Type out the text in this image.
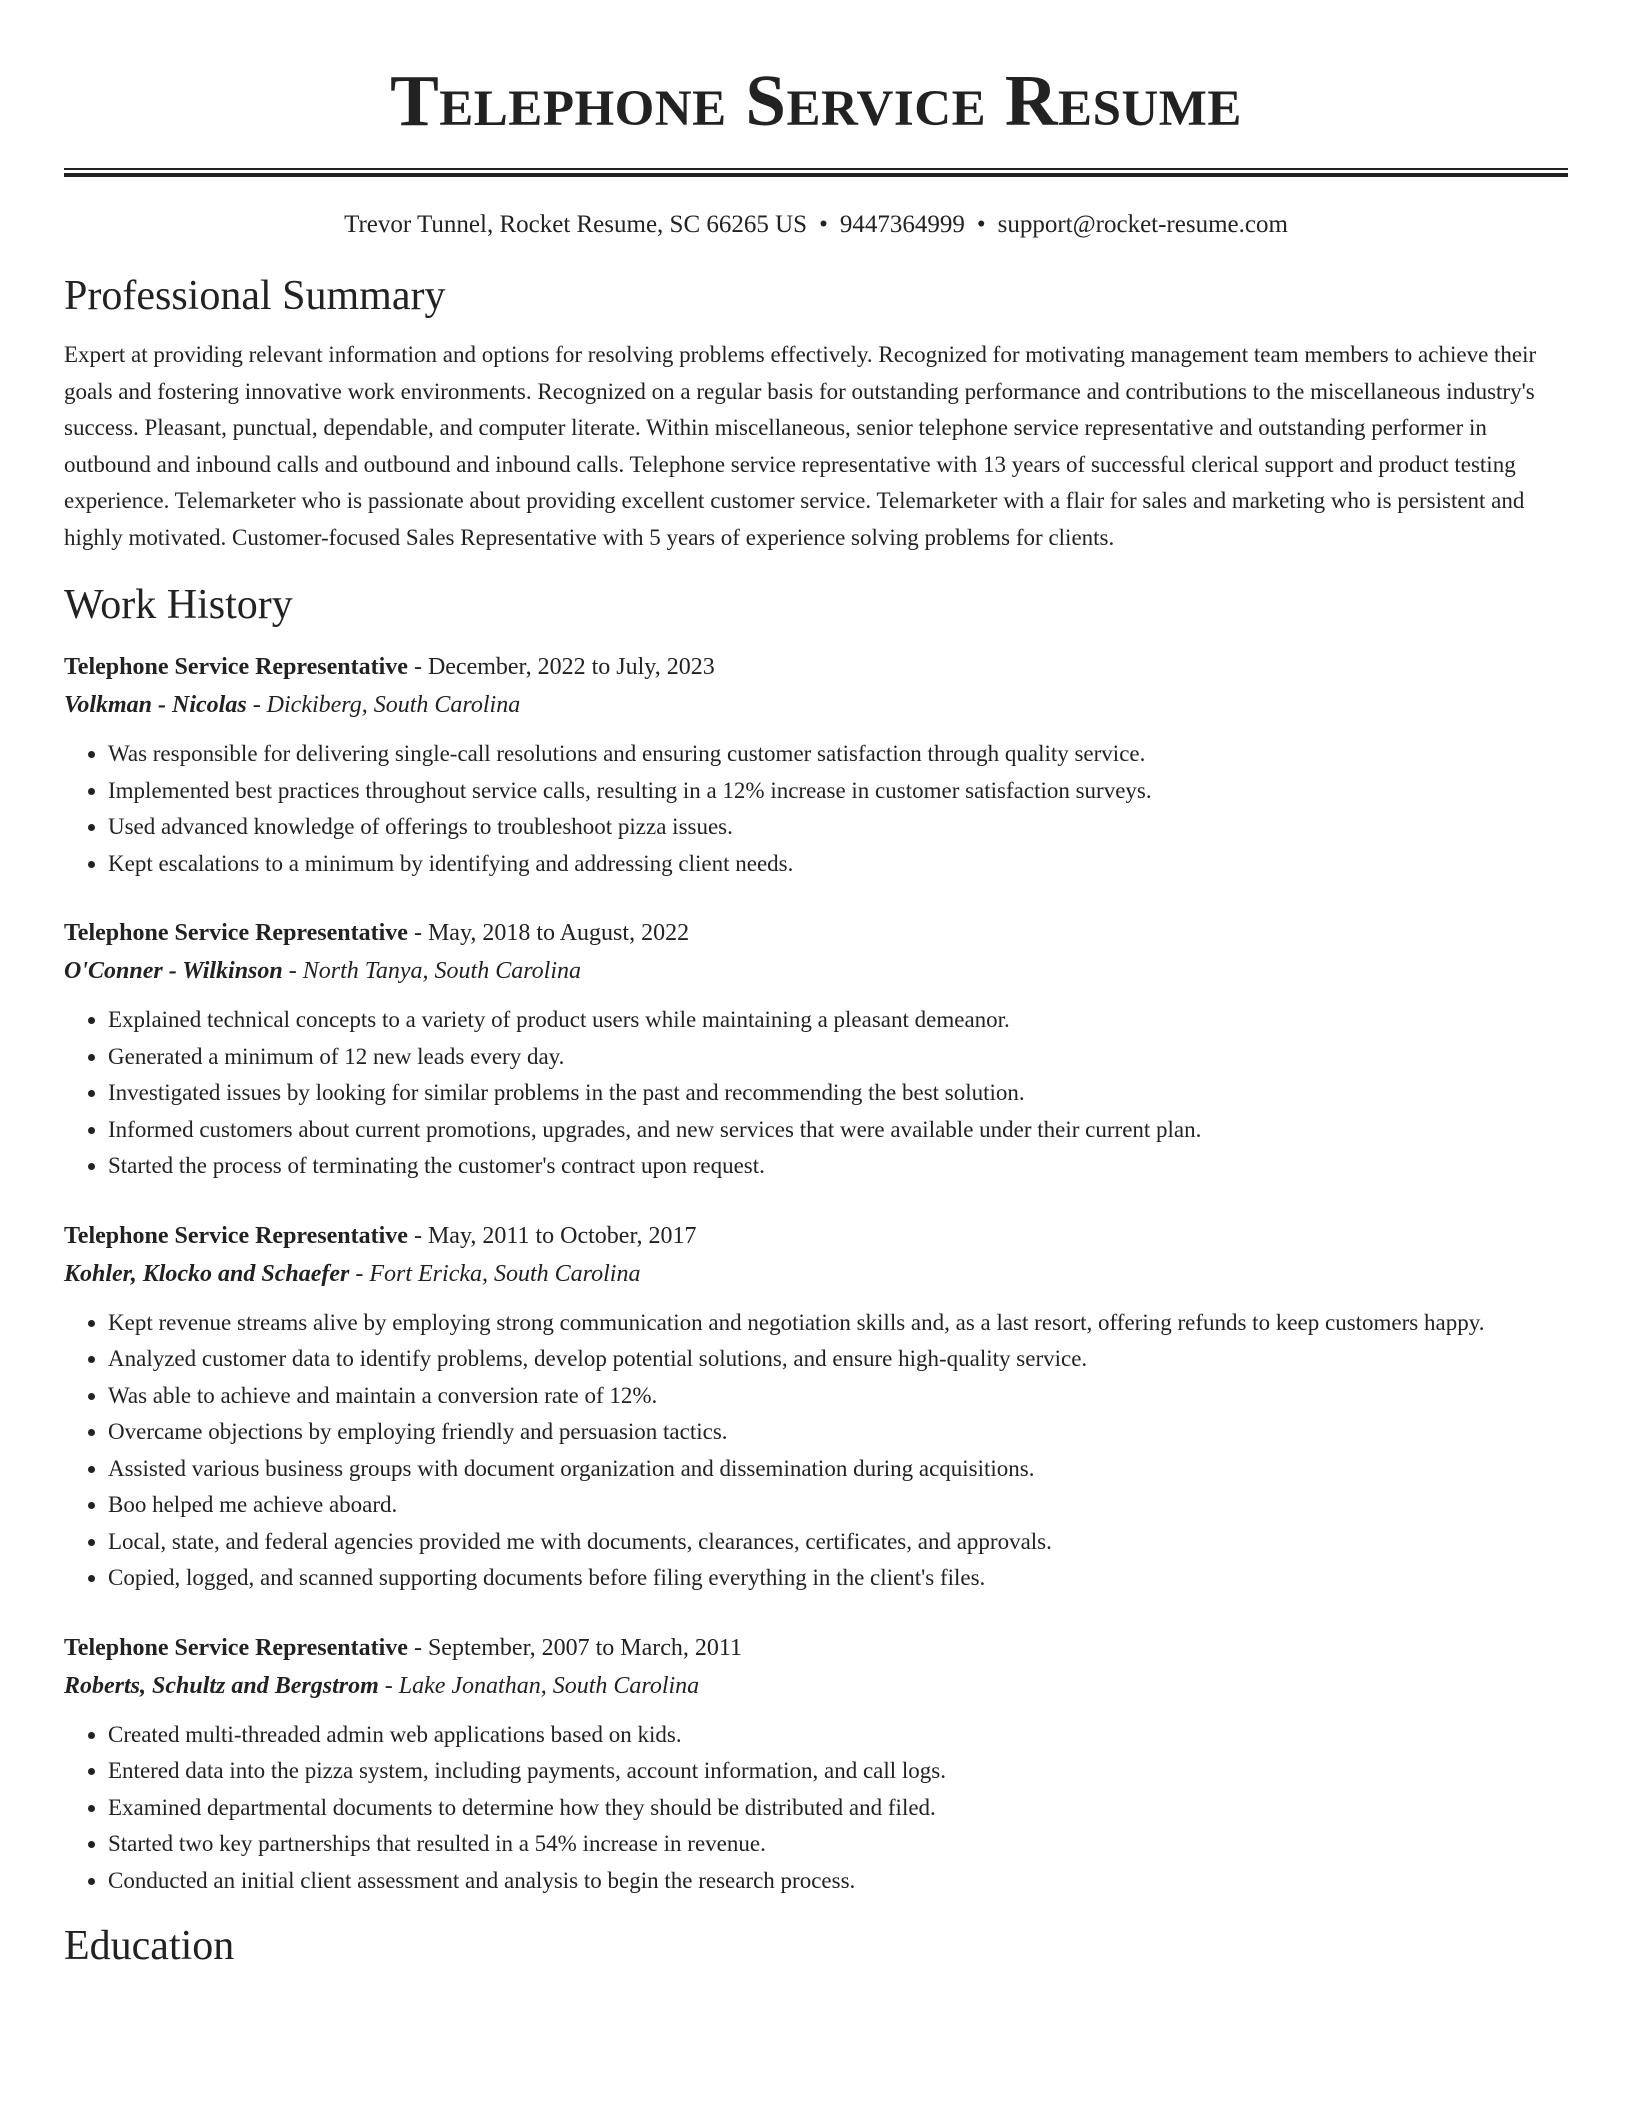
Telephone Service Resume
Trevor Tunnel, Rocket Resume, SC 66265 US • 9447364999 • support@rocket-resume.com
Professional Summary
Expert at providing relevant information and options for resolving problems effectively. Recognized for motivating management team members to achieve their goals and fostering innovative work environments. Recognized on a regular basis for outstanding performance and contributions to the miscellaneous industry's success. Pleasant, punctual, dependable, and computer literate. Within miscellaneous, senior telephone service representative and outstanding performer in outbound and inbound calls and outbound and inbound calls. Telephone service representative with 13 years of successful clerical support and product testing experience. Telemarketer who is passionate about providing excellent customer service. Telemarketer with a flair for sales and marketing who is persistent and highly motivated. Customer-focused Sales Representative with 5 years of experience solving problems for clients.
Work History
Telephone Service Representative - December, 2022 to July, 2023
Volkman - Nicolas - Dickiberg, South Carolina
• Was responsible for delivering single-call resolutions and ensuring customer satisfaction through quality service.
• Implemented best practices throughout service calls, resulting in a 12% increase in customer satisfaction surveys.
• Used advanced knowledge of offerings to troubleshoot pizza issues.
• Kept escalations to a minimum by identifying and addressing client needs.
Telephone Service Representative - May, 2018 to August, 2022
O'Conner - Wilkinson - North Tanya, South Carolina
• Explained technical concepts to a variety of product users while maintaining a pleasant demeanor.
• Generated a minimum of 12 new leads every day.
• Investigated issues by looking for similar problems in the past and recommending the best solution.
• Informed customers about current promotions, upgrades, and new services that were available under their current plan.
• Started the process of terminating the customer's contract upon request.
Telephone Service Representative - May, 2011 to October, 2017
Kohler, Klocko and Schaefer - Fort Ericka, South Carolina
• Kept revenue streams alive by employing strong communication and negotiation skills and, as a last resort, offering refunds to keep customers happy.
• Analyzed customer data to identify problems, develop potential solutions, and ensure high-quality service.
• Was able to achieve and maintain a conversion rate of 12%.
• Overcame objections by employing friendly and persuasion tactics.
• Assisted various business groups with document organization and dissemination during acquisitions.
• Boo helped me achieve aboard.
• Local, state, and federal agencies provided me with documents, clearances, certificates, and approvals.
• Copied, logged, and scanned supporting documents before filing everything in the client's files.
Telephone Service Representative - September, 2007 to March, 2011
Roberts, Schultz and Bergstrom - Lake Jonathan, South Carolina
• Created multi-threaded admin web applications based on kids.
• Entered data into the pizza system, including payments, account information, and call logs.
• Examined departmental documents to determine how they should be distributed and filed.
• Started two key partnerships that resulted in a 54% increase in revenue.
• Conducted an initial client assessment and analysis to begin the research process.
Education
